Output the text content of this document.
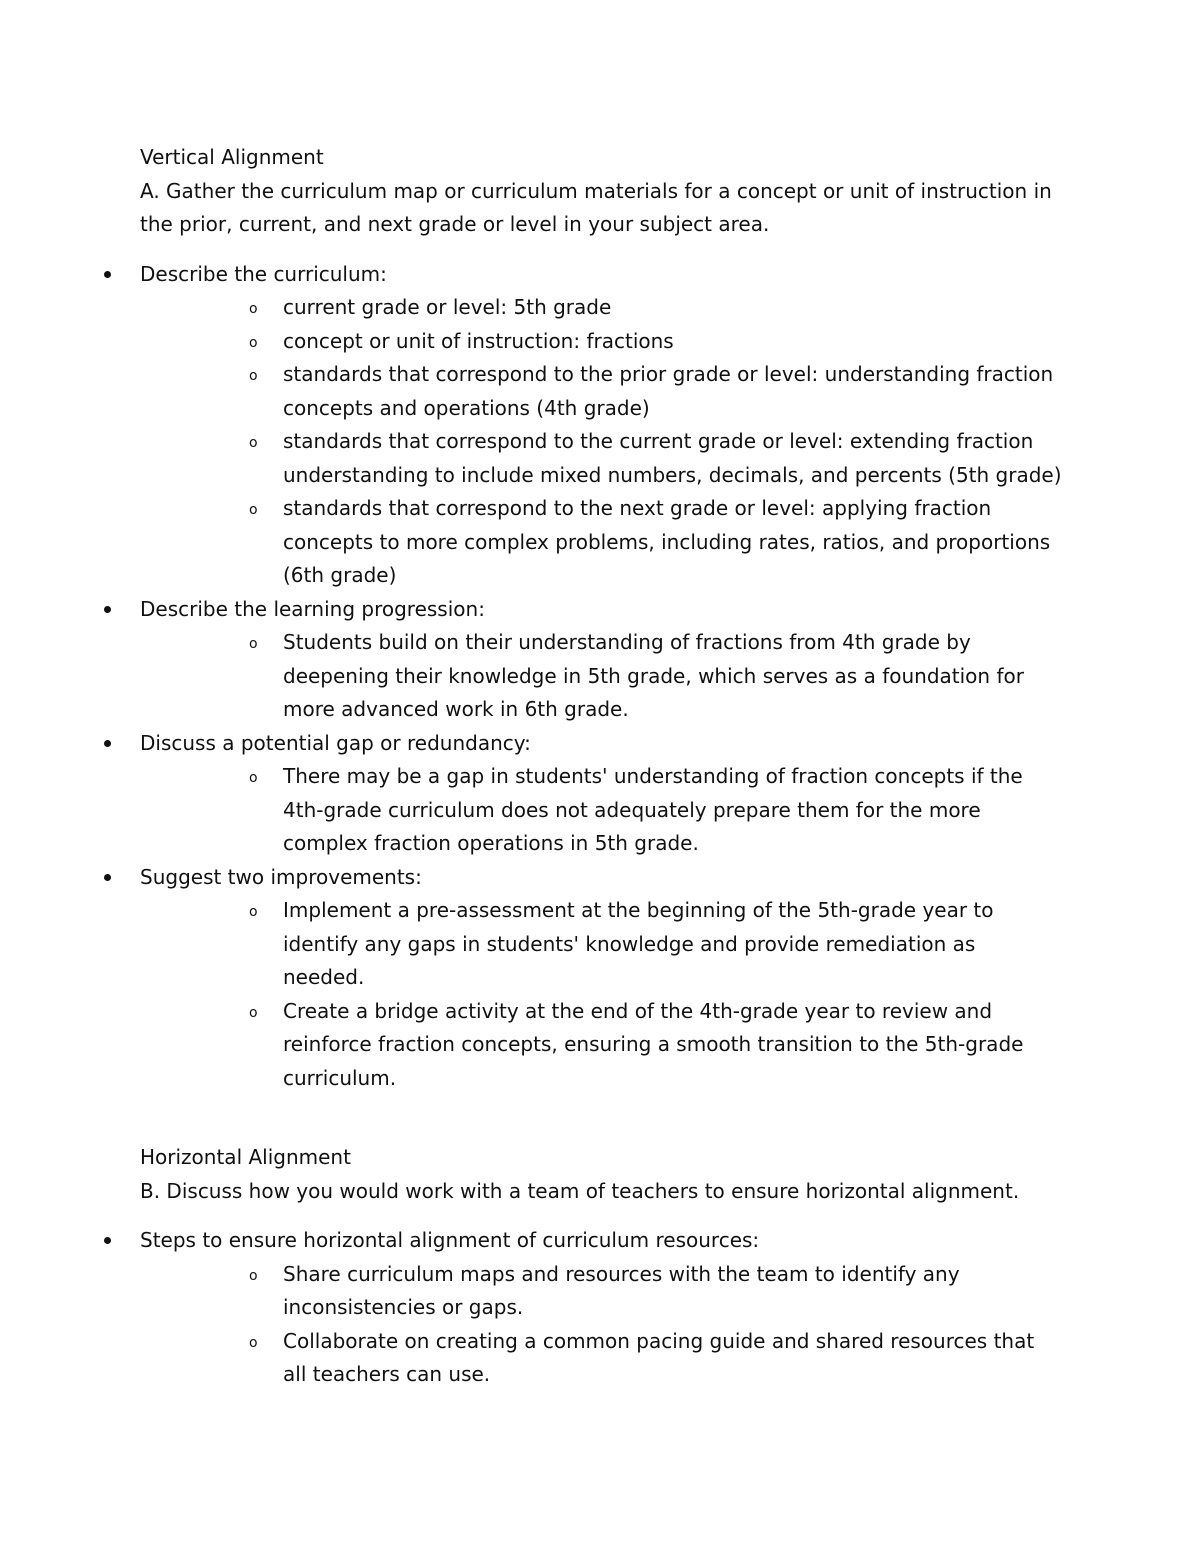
Vertical Alignment

A. Gather the curriculum map or curriculum materials for a concept or unit of instruction in the prior, current, and next grade or level in your subject area.

Describe the curriculum:

o current grade or level: 5th grade
o concept or unit of instruction: fractions
o standards that correspond to the prior grade or level: understanding fraction concepts and operations (4th grade)
o standards that correspond to the current grade or level: extending fraction understanding to include mixed numbers, decimals, and percents (5th grade)
o standards that correspond to the next grade or level: applying fraction concepts to more complex problems, including rates, ratios, and proportions (6th grade)

Describe the learning progression:

o Students build on their understanding of fractions from 4th grade by deepening their knowledge in 5th grade, which serves as a foundation for more advanced work in 6th grade.

Discuss a potential gap or redundancy:

o There may be a gap in students' understanding of fraction concepts if the 4th-grade curriculum does not adequately prepare them for the more complex fraction operations in 5th grade.

Suggest two improvements:

o Implement a pre-assessment at the beginning of the 5th-grade year to identify any gaps in students' knowledge and provide remediation as needed.
o Create a bridge activity at the end of the 4th-grade year to review and reinforce fraction concepts, ensuring a smooth transition to the 5th-grade curriculum.

Horizontal Alignment

B. Discuss how you would work with a team of teachers to ensure horizontal alignment.

Steps to ensure horizontal alignment of curriculum resources:

o Share curriculum maps and resources with the team to identify any inconsistencies or gaps.
o Collaborate on creating a common pacing guide and shared resources that all teachers can use.
